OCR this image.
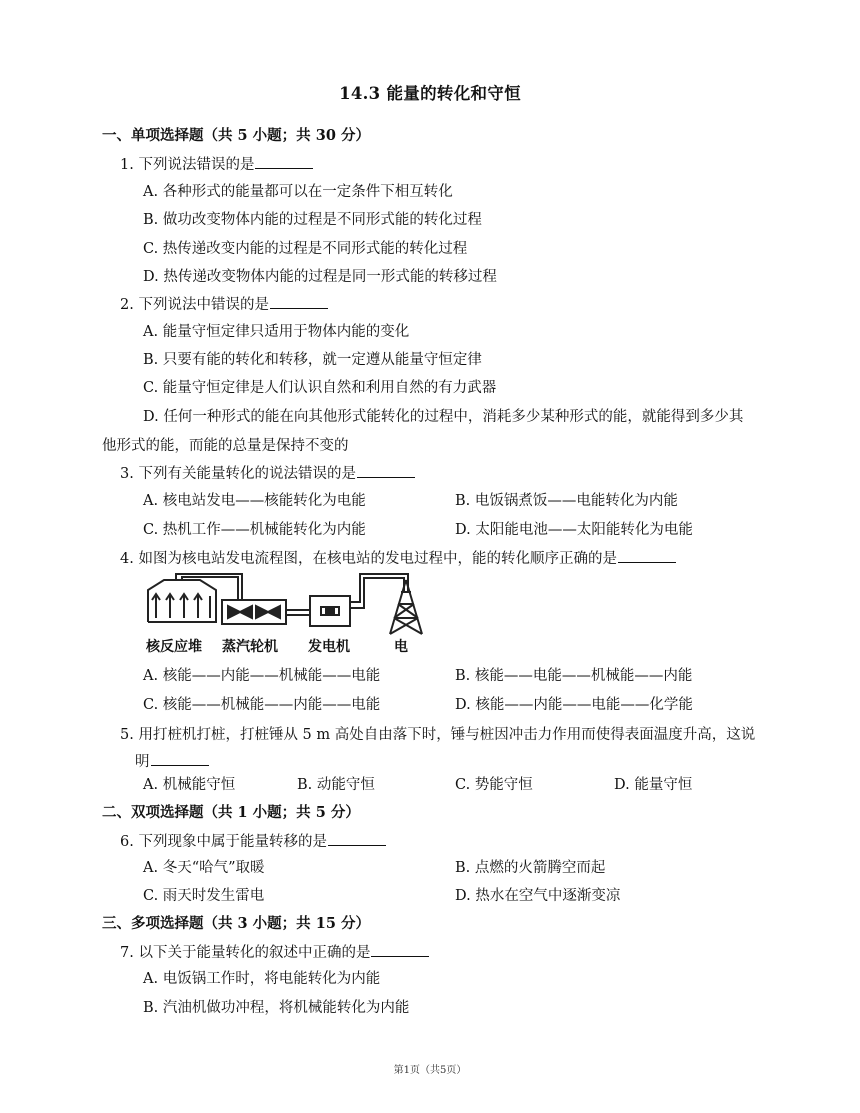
14.3 能量的转化和守恒
一、单项选择题（共 5 小题；共 30 分）
1. 下列说法错误的是
A. 各种形式的能量都可以在一定条件下相互转化
B. 做功改变物体内能的过程是不同形式能的转化过程
C. 热传递改变内能的过程是不同形式能的转化过程
D. 热传递改变物体内能的过程是同一形式能的转移过程
2. 下列说法中错误的是
A. 能量守恒定律只适用于物体内能的变化
B. 只要有能的转化和转移，就一定遵从能量守恒定律
C. 能量守恒定律是人们认识自然和利用自然的有力武器
D. 任何一种形式的能在向其他形式能转化的过程中，消耗多少某种形式的能，就能得到多少其
他形式的能，而能的总量是保持不变的
3. 下列有关能量转化的说法错误的是
A. 核电站发电——核能转化为电能	B. 电饭锅煮饭——电能转化为内能
C. 热机工作——机械能转化为内能	D. 太阳能电池——太阳能转化为电能
4. 如图为核电站发电流程图，在核电站的发电过程中，能的转化顺序正确的是
核反应堆 蒸汽轮机 发电机	电
A. 核能——内能——机械能——电能	B. 核能——电能——机械能——内能
C. 核能——机械能——内能——电能	D. 核能——内能——电能——化学能
5. 用打桩机打桩，打桩锤从 5 m 高处自由落下时，锤与桩因冲击力作用而使得表面温度升高，这说
明
A. 机械能守恒	B. 动能守恒	C. 势能守恒	D. 能量守恒
二、双项选择题（共 1 小题；共 5 分）
6. 下列现象中属于能量转移的是
A. 冬天“哈气”取暖	B. 点燃的火箭腾空而起
C. 雨天时发生雷电	D. 热水在空气中逐渐变凉
三、多项选择题（共 3 小题；共 15 分）
7. 以下关于能量转化的叙述中正确的是
A. 电饭锅工作时，将电能转化为内能
B. 汽油机做功冲程，将机械能转化为内能
第1页（共5页）
